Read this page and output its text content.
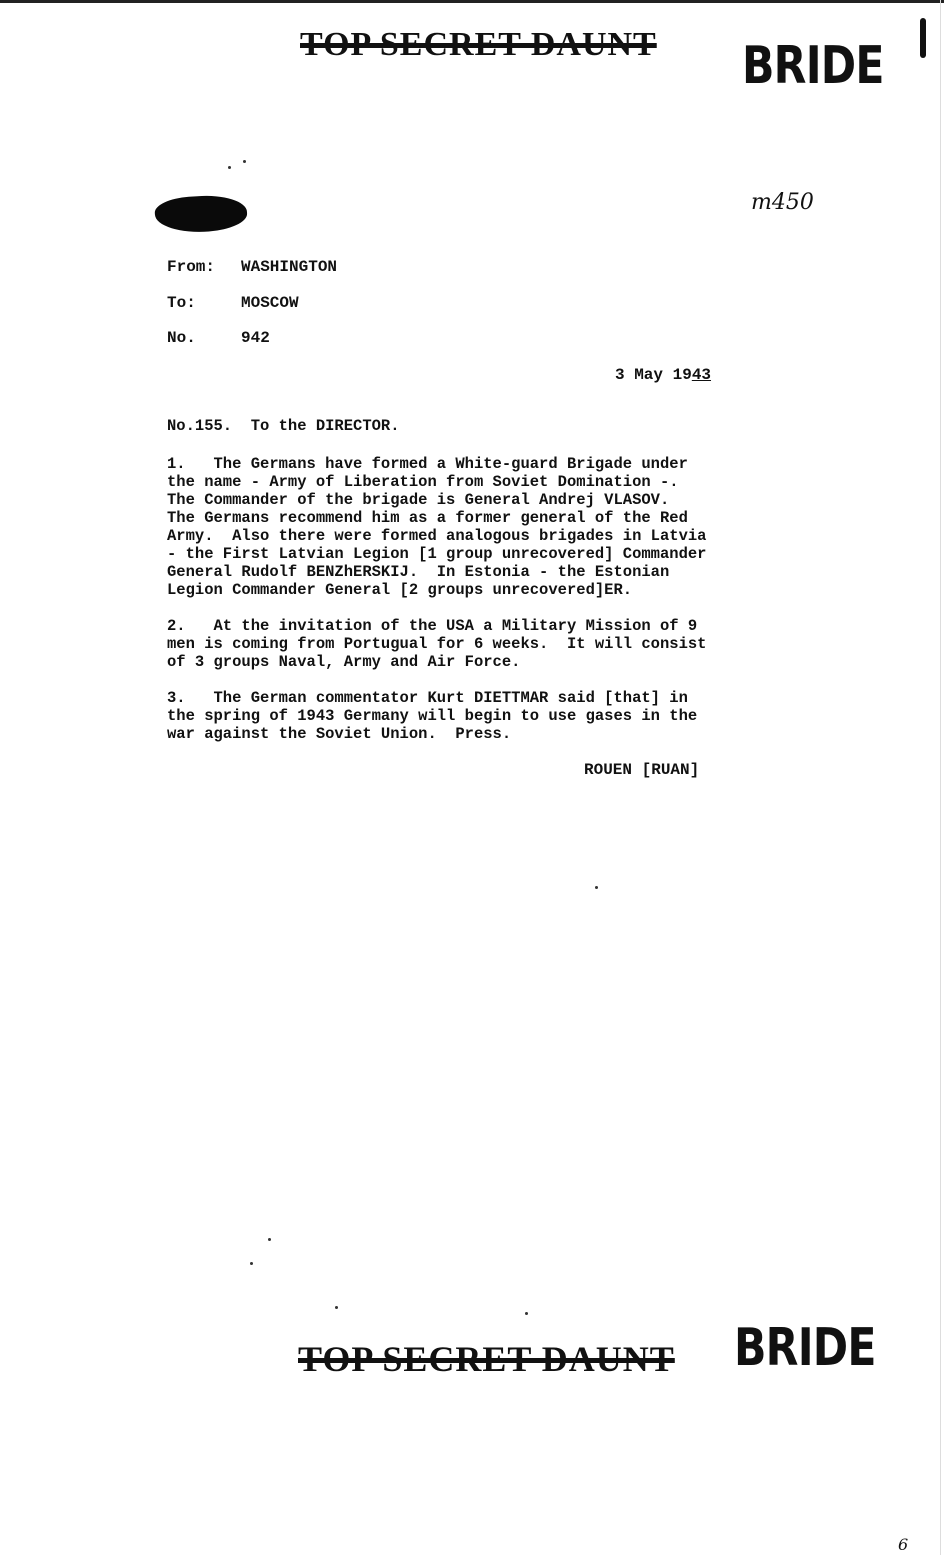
TOP SECRET DAUNT BRIDE
m450
From: WASHINGTON
To:	MOSCOW
No.	942
3 May 1943
No.155.  To the DIRECTOR.
1.   The Germans have formed a White-guard Brigade under
the name - Army of Liberation from Soviet Domination -.
The Commander of the brigade is General Andrej VLASOV.
The Germans recommend him as a former general of the Red
Army.  Also there were formed analogous brigades in Latvia
- the First Latvian Legion [1 group unrecovered] Commander
General Rudolf BENZhERSKIJ.  In Estonia - the Estonian
Legion Commander General [2 groups unrecovered]ER.
2.   At the invitation of the USA a Military Mission of 9
men is coming from Portugual for 6 weeks.  It will consist
of 3 groups Naval, Army and Air Force.
3.   The German commentator Kurt DIETTMAR said [that] in
the spring of 1943 Germany will begin to use gases in the
war against the Soviet Union.  Press.
ROUEN [RUAN]
TOP SECRET DAUNT BRIDE
6
